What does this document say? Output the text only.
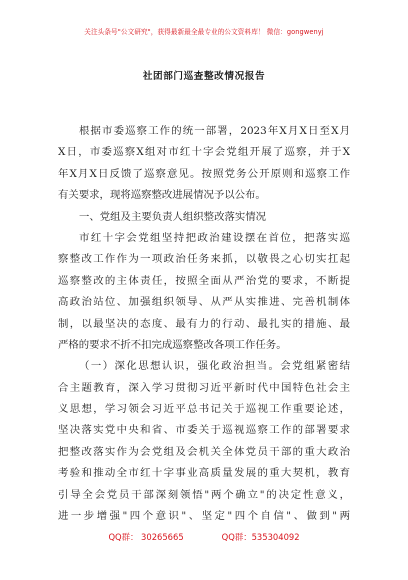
关注头条号"公文研究"，获得最新最全最专业的公文资料库！ 微信：gongwenyj
社团部门巡查整改情况报告
根据市委巡察工作的统一部署，2023年X月X日至X月
X日，市委巡察X组对市红十字会党组开展了巡察，并于X
年X月X日反馈了巡察意见。按照党务公开原则和巡察工作
有关要求，现将巡察整改进展情况予以公布。
一、党组及主要负责人组织整改落实情况
市红十字会党组坚持把政治建设摆在首位，把落实巡
察整改工作作为一项政治任务来抓，以敬畏之心切实扛起
巡察整改的主体责任，按照全面从严治党的要求，不断提
高政治站位、加强组织领导、从严从实推进、完善机制体
制，以最坚决的态度、最有力的行动、最扎实的措施、最
严格的要求不折不扣完成巡察整改各项工作任务。
（一）深化思想认识，强化政治担当。会党组紧密结
合主题教育，深入学习贯彻习近平新时代中国特色社会主
义思想，学习领会习近平总书记关于巡视工作重要论述，
坚决落实党中央和省、市委关于巡视巡察工作的部署要求
把整改落实作为会党组及会机关全体党员干部的重大政治
考验和推动全市红十字事业高质量发展的重大契机，教育
引导全会党员干部深刻领悟"两个确立"的决定性意义，
进一步增强"四个意识"、坚定"四个自信"、做到"两
QQ群： 30265665	QQ群：535304092
